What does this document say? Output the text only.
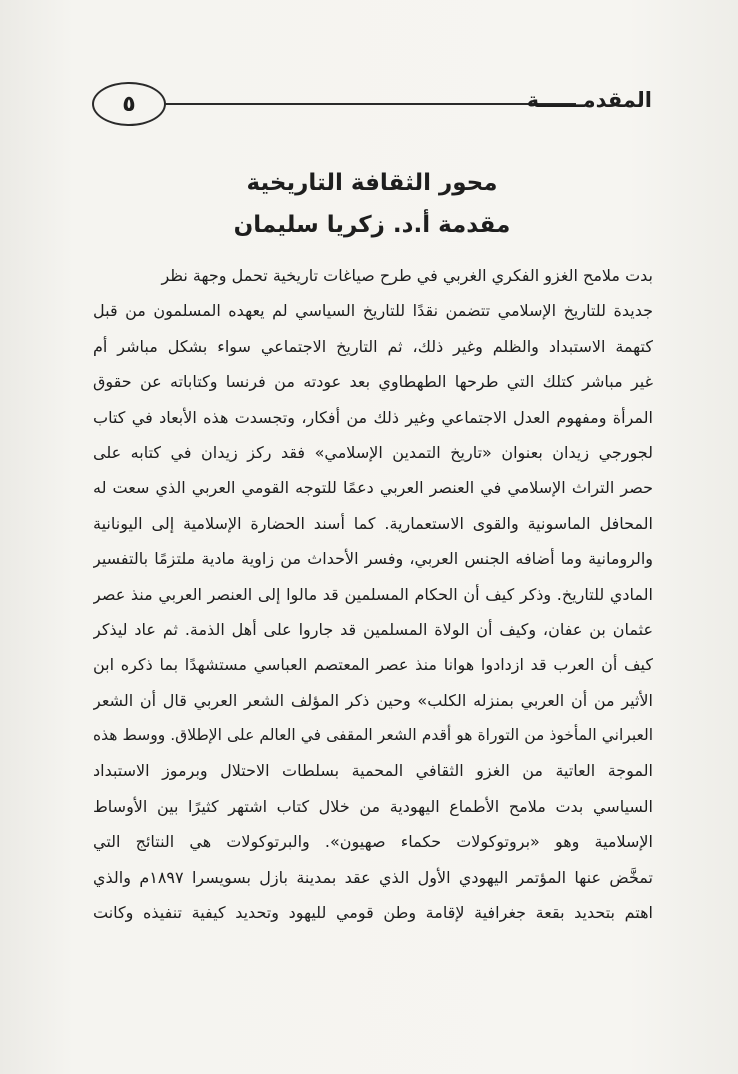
٥	المقدمــــــة
محور الثقافة التاريخية
مقدمة أ.د. زكريا سليمان
بدت ملامح الغزو الفكري الغربي في طرح صياغات تاريخية تحمل وجهة نظر
جديدة للتاريخ الإسلامي تتضمن نقدًا للتاريخ السياسي لم يعهده المسلمون من قبل
كتهمة الاستبداد والظلم وغير ذلك، ثم التاريخ الاجتماعي سواء بشكل مباشر أم
غير مباشر كتلك التي طرحها الطهطاوي بعد عودته من فرنسا وكتاباته عن حقوق
المرأة ومفهوم العدل الاجتماعي وغير ذلك من أفكار، وتجسدت هذه الأبعاد في كتاب
لجورجي زيدان بعنوان «تاريخ التمدين الإسلامي» فقد ركز زيدان في كتابه على
حصر التراث الإسلامي في العنصر العربي دعمًا للتوجه القومي العربي الذي سعت له
المحافل الماسونية والقوى الاستعمارية. كما أسند الحضارة الإسلامية إلى اليونانية
والرومانية وما أضافه الجنس العربي، وفسر الأحداث من زاوية مادية ملتزمًا بالتفسير
المادي للتاريخ. وذكر كيف أن الحكام المسلمين قد مالوا إلى العنصر العربي منذ عصر
عثمان بن عفان، وكيف أن الولاة المسلمين قد جاروا على أهل الذمة. ثم عاد ليذكر
كيف أن العرب قد ازدادوا هوانا منذ عصر المعتصم العباسي مستشهدًا بما ذكره ابن
الأثير من أن العربي بمنزله الكلب» وحين ذكر المؤلف الشعر العربي قال أن الشعر
العبراني المأخوذ من التوراة هو أقدم الشعر المقفى في العالم على الإطلاق. ووسط هذه
الموجة العاتية من الغزو الثقافي المحمية بسلطات الاحتلال وبرموز الاستبداد
السياسي بدت ملامح الأطماع اليهودية من خلال كتاب اشتهر كثيرًا بين الأوساط
الإسلامية وهو «بروتوكولات حكماء صهيون». والبرتوكولات هي النتائج التي
تمخَّض عنها المؤتمر اليهودي الأول الذي عقد بمدينة بازل بسويسرا ١٨٩٧م والذي
اهتم بتحديد بقعة جغرافية لإقامة وطن قومي لليهود وتحديد كيفية تنفيذه وكانت
